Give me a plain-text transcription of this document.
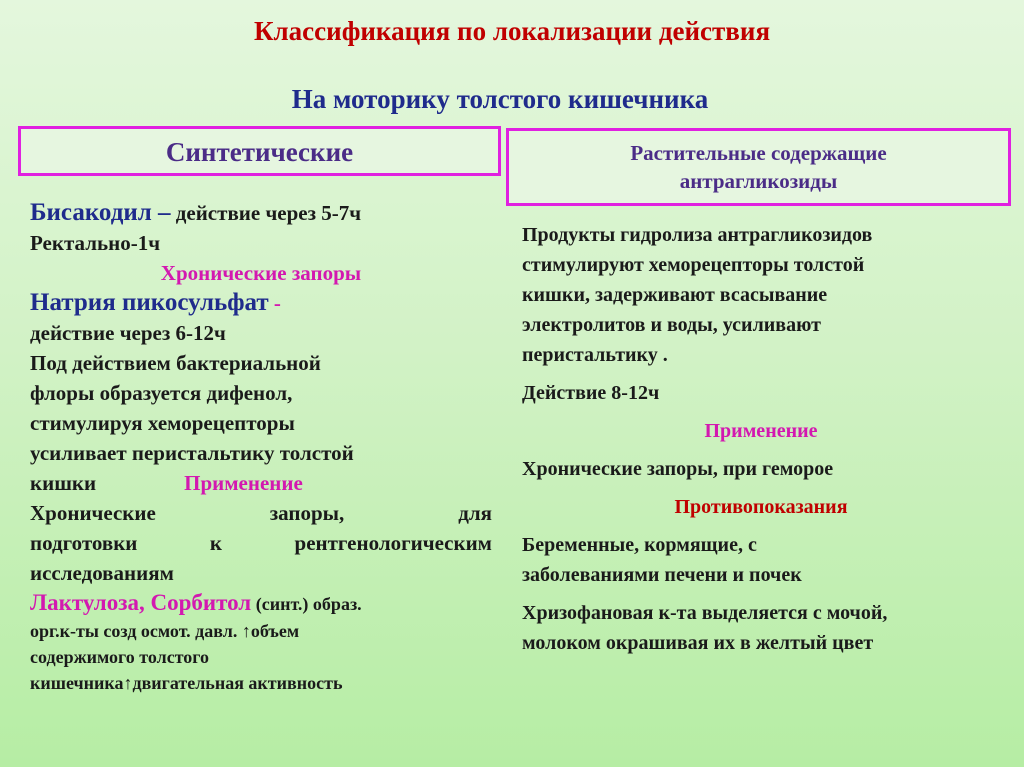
Классификация по локализации действия
На моторику толстого кишечника
Синтетические	Растительные содержащие
антрагликозиды
Бисакодил – действие через 5-7ч
Ректально-1ч
Хронические запоры
Натрия пикосульфат -
действие через 6-12ч
Под действием бактериальной
флоры образуется дифенол,
стимулируя хеморецепторы
усиливает перистальтику толстой
кишки	Применение
Хронические запоры, для
подготовки к рентгенологическим
исследованиям
Лактулоза, Сорбитол (синт.) образ.
орг.к-ты созд осмот. давл. ↑объем
содержимого толстого
кишечника↑двигательная активность

Продукты гидролиза антрагликозидов
стимулируют хеморецепторы толстой
кишки, задерживают всасывание
электролитов и воды, усиливают
перистальтику .

Действие 8-12ч

Применение

Хронические запоры, при гемороe

Противопоказания

Беременные, кормящие, с
заболеваниями печени и почек

Хризофановая к-та выделяется с мочой,
молоком окрашивая их в желтый цвет
